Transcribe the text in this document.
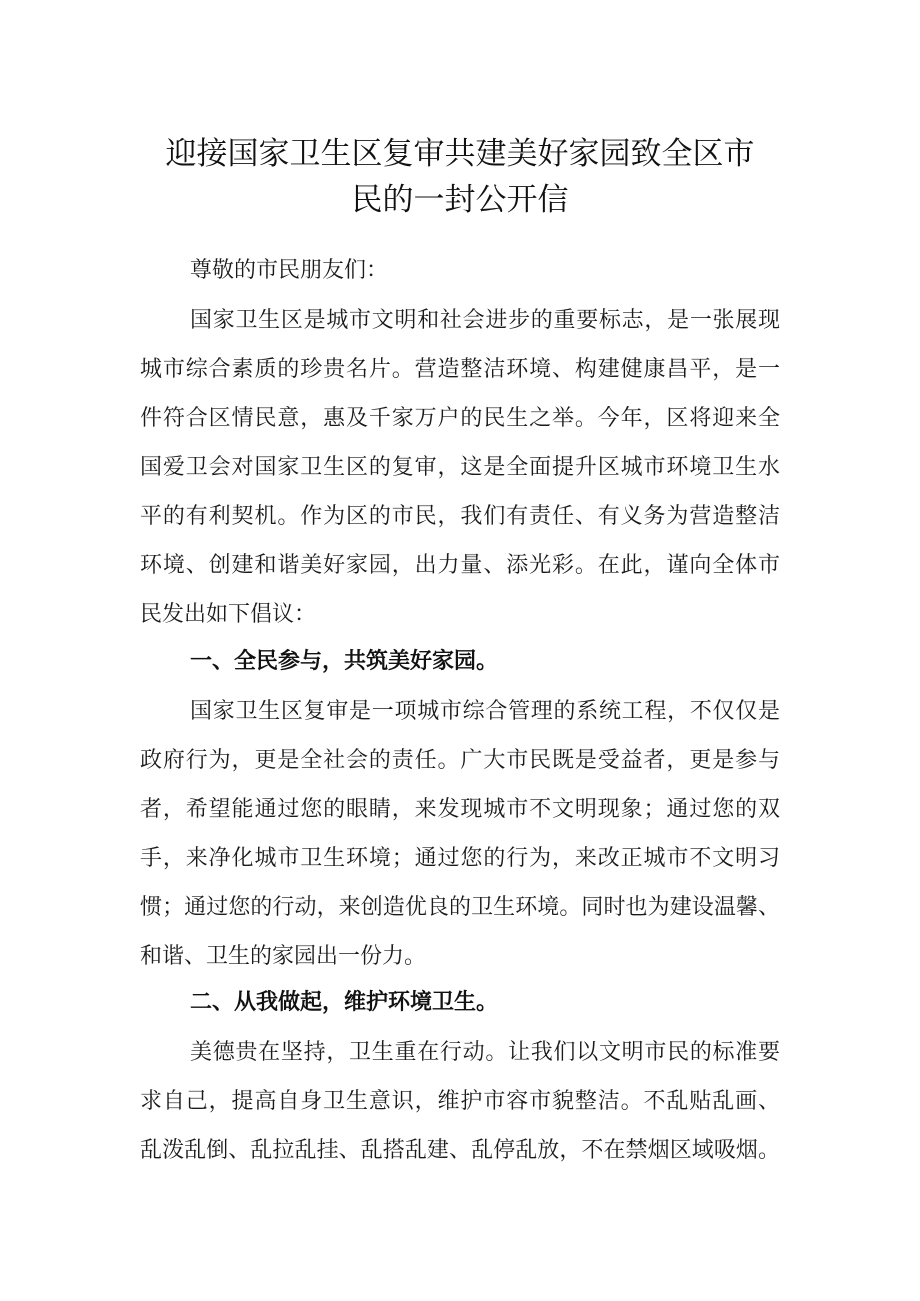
迎接国家卫生区复审共建美好家园致全区市
民的一封公开信
尊敬的市民朋友们：
国家卫生区是城市文明和社会进步的重要标志，是一张展现
城市综合素质的珍贵名片。营造整洁环境、构建健康昌平，是一
件符合区情民意，惠及千家万户的民生之举。今年，区将迎来全
国爱卫会对国家卫生区的复审，这是全面提升区城市环境卫生水
平的有利契机。作为区的市民，我们有责任、有义务为营造整洁
环境、创建和谐美好家园，出力量、添光彩。在此，谨向全体市
民发出如下倡议：
一、全民参与，共筑美好家园。
国家卫生区复审是一项城市综合管理的系统工程，不仅仅是
政府行为，更是全社会的责任。广大市民既是受益者，更是参与
者，希望能通过您的眼睛，来发现城市不文明现象；通过您的双
手，来净化城市卫生环境；通过您的行为，来改正城市不文明习
惯；通过您的行动，来创造优良的卫生环境。同时也为建设温馨、
和谐、卫生的家园出一份力。
二、从我做起，维护环境卫生。
美德贵在坚持，卫生重在行动。让我们以文明市民的标准要
求自己，提高自身卫生意识，维护市容市貌整洁。不乱贴乱画、
乱泼乱倒、乱拉乱挂、乱搭乱建、乱停乱放，不在禁烟区域吸烟。
